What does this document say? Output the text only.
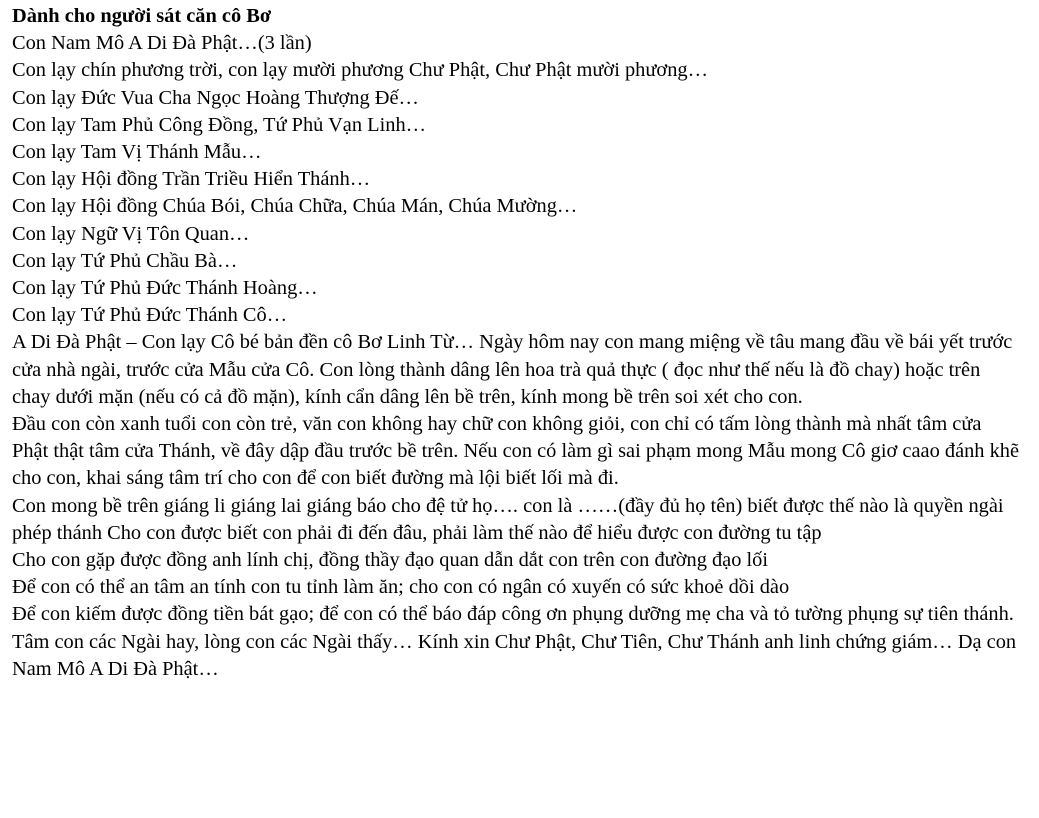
Dành cho người sát căn cô Bơ

Con Nam Mô A Di Đà Phật…(3 lần)

Con lạy chín phương trời, con lạy mười phương Chư Phật, Chư Phật mười phương…

Con lạy Đức Vua Cha Ngọc Hoàng Thượng Đế…

Con lạy Tam Phủ Công Đồng, Tứ Phủ Vạn Linh…

Con lạy Tam Vị Thánh Mẫu…

Con lạy Hội đồng Trần Triều Hiển Thánh…

Con lạy Hội đồng Chúa Bói, Chúa Chữa, Chúa Mán, Chúa Mường…

Con lạy Ngữ Vị Tôn Quan…

Con lạy Tứ Phủ Chầu Bà…

Con lạy Tứ Phủ Đức Thánh Hoàng…

Con lạy Tứ Phủ Đức Thánh Cô…

A Di Đà Phật – Con lạy Cô bé bản đền cô Bơ Linh Từ… Ngày hôm nay con mang miệng về tâu mang đầu về bái yết trước cửa nhà ngài, trước cửa Mẫu cửa Cô. Con lòng thành dâng lên hoa trà quả thực ( đọc như thế nếu là đồ chay) hoặc trên chay dưới mặn (nếu có cả đồ mặn), kính cẩn dâng lên bề trên, kính mong bề trên soi xét cho con.

Đầu con còn xanh tuổi con còn trẻ, văn con không hay chữ con không giỏi, con chỉ có tấm lòng thành mà nhất tâm cửa Phật thật tâm cửa Thánh, về đây dập đầu trước bề trên. Nếu con có làm gì sai phạm mong Mẫu mong Cô giơ caao đánh khẽ cho con, khai sáng tâm trí cho con để con biết đường mà lội biết lối mà đi.

Con mong bề trên giáng li giáng lai giáng báo cho đệ tử họ…. con là ……(đầy đủ họ tên) biết được thế nào là quyền ngài phép thánh Cho con được biết con phải đi đến đâu, phải làm thế nào để hiểu được con đường tu tập

Cho con gặp được đồng anh lính chị, đồng thầy đạo quan dẫn dắt con trên con đường đạo lối

Để con có thể an tâm an tính con tu tỉnh làm ăn; cho con có ngân có xuyến có sức khoẻ dồi dào

Để con kiếm được đồng tiền bát gạo; để con có thể báo đáp công ơn phụng dưỡng mẹ cha và tỏ tường phụng sự tiên thánh.

Tâm con các Ngài hay, lòng con các Ngài thấy… Kính xin Chư Phật, Chư Tiên, Chư Thánh anh linh chứng giám… Dạ con Nam Mô A Di Đà Phật…
